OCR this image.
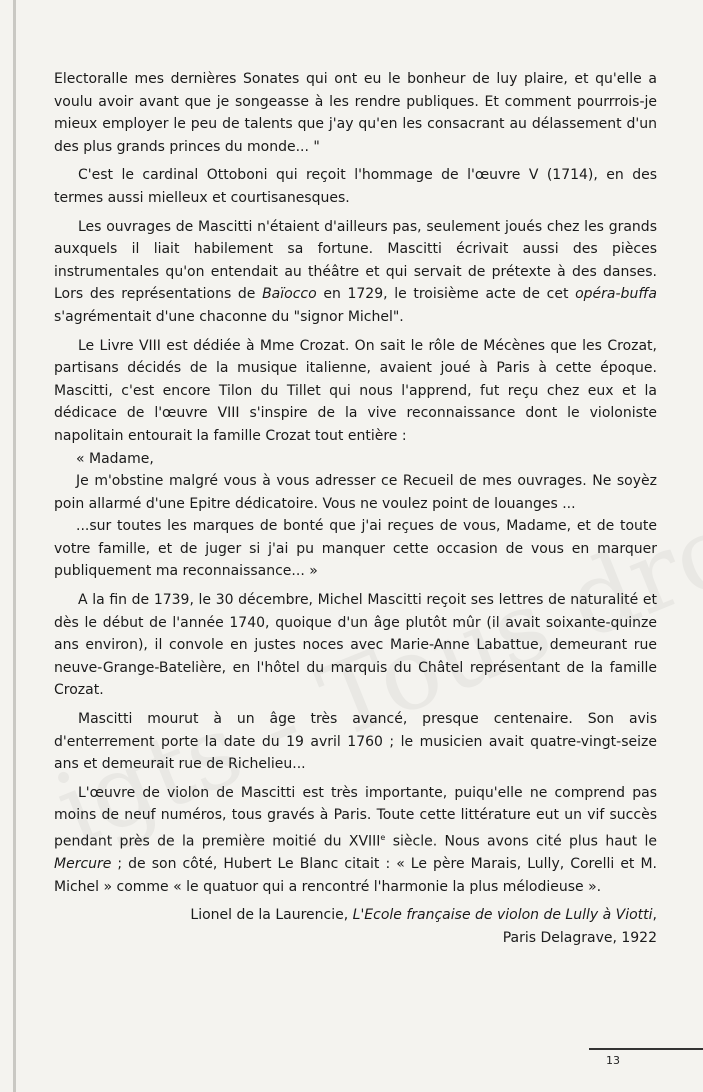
Electoralle mes dernières Sonates qui ont eu le bonheur de luy plaire, et qu'elle a voulu avoir avant que je songeasse à les rendre publiques. Et comment pourrrois-je mieux employer le peu de talents que j'ay qu'en les consacrant au délassement d'un des plus grands princes du monde... "

C'est le cardinal Ottoboni qui reçoit l'hommage de l'œuvre V (1714), en des termes aussi mielleux et courtisanesques.

Les ouvrages de Mascitti n'étaient d'ailleurs pas, seulement joués chez les grands auxquels il liait habilement sa fortune. Mascitti écrivait aussi des pièces instrumentales qu'on entendait au théâtre et qui servait de prétexte à des danses. Lors des représentations de Baïocco en 1729, le troisième acte de cet opéra-buffa s'agrémentait d'une chaconne du "signor Michel".

Le Livre VIII est dédiée à Mme Crozat. On sait le rôle de Mécènes que les Crozat, partisans décidés de la musique italienne, avaient joué à Paris à cette époque. Mascitti, c'est encore Tilon du Tillet qui nous l'apprend, fut reçu chez eux et la dédicace de l'œuvre VIII s'inspire de la vive reconnaissance dont le violoniste napolitain entourait la famille Crozat tout entière :

« Madame,

Je m'obstine malgré vous à vous adresser ce Recueil de mes ouvrages. Ne soyèz poin allarmé d'une Epitre dédicatoire. Vous ne voulez point de louanges ...

...sur toutes les marques de bonté que j'ai reçues de vous, Madame, et de toute votre famille, et de juger si j'ai pu manquer cette occasion de vous en marquer publiquement ma reconnaissance... »

A la fin de 1739, le 30 décembre, Michel Mascitti reçoit ses lettres de naturalité et dès le début de l'année 1740, quoique d'un âge plutôt mûr (il avait soixante-quinze ans environ), il convole en justes noces avec Marie-Anne Labattue, demeurant rue neuve-Grange-Batelière, en l'hôtel du marquis du Châtel représentant de la famille Crozat.

Mascitti mourut à un âge très avancé, presque centenaire. Son avis d'enterrement porte la date du 19 avril 1760 ; le musicien avait quatre-vingt-seize ans et demeurait rue de Richelieu...

L'œuvre de violon de Mascitti est très importante, puiqu'elle ne comprend pas moins de neuf numéros, tous gravés à Paris. Toute cette littérature eut un vif succès pendant près de la première moitié du XVIIIe siècle. Nous avons cité plus haut le Mercure ; de son côté, Hubert Le Blanc citait : « Le père Marais, Lully, Corelli et M. Michel » comme « le quatuor qui a rencontré l'harmonie la plus mélodieuse ».

Lionel de la Laurencie, L'Ecole française de violon de Lully à Viotti,
Paris Delagrave, 1922
13
